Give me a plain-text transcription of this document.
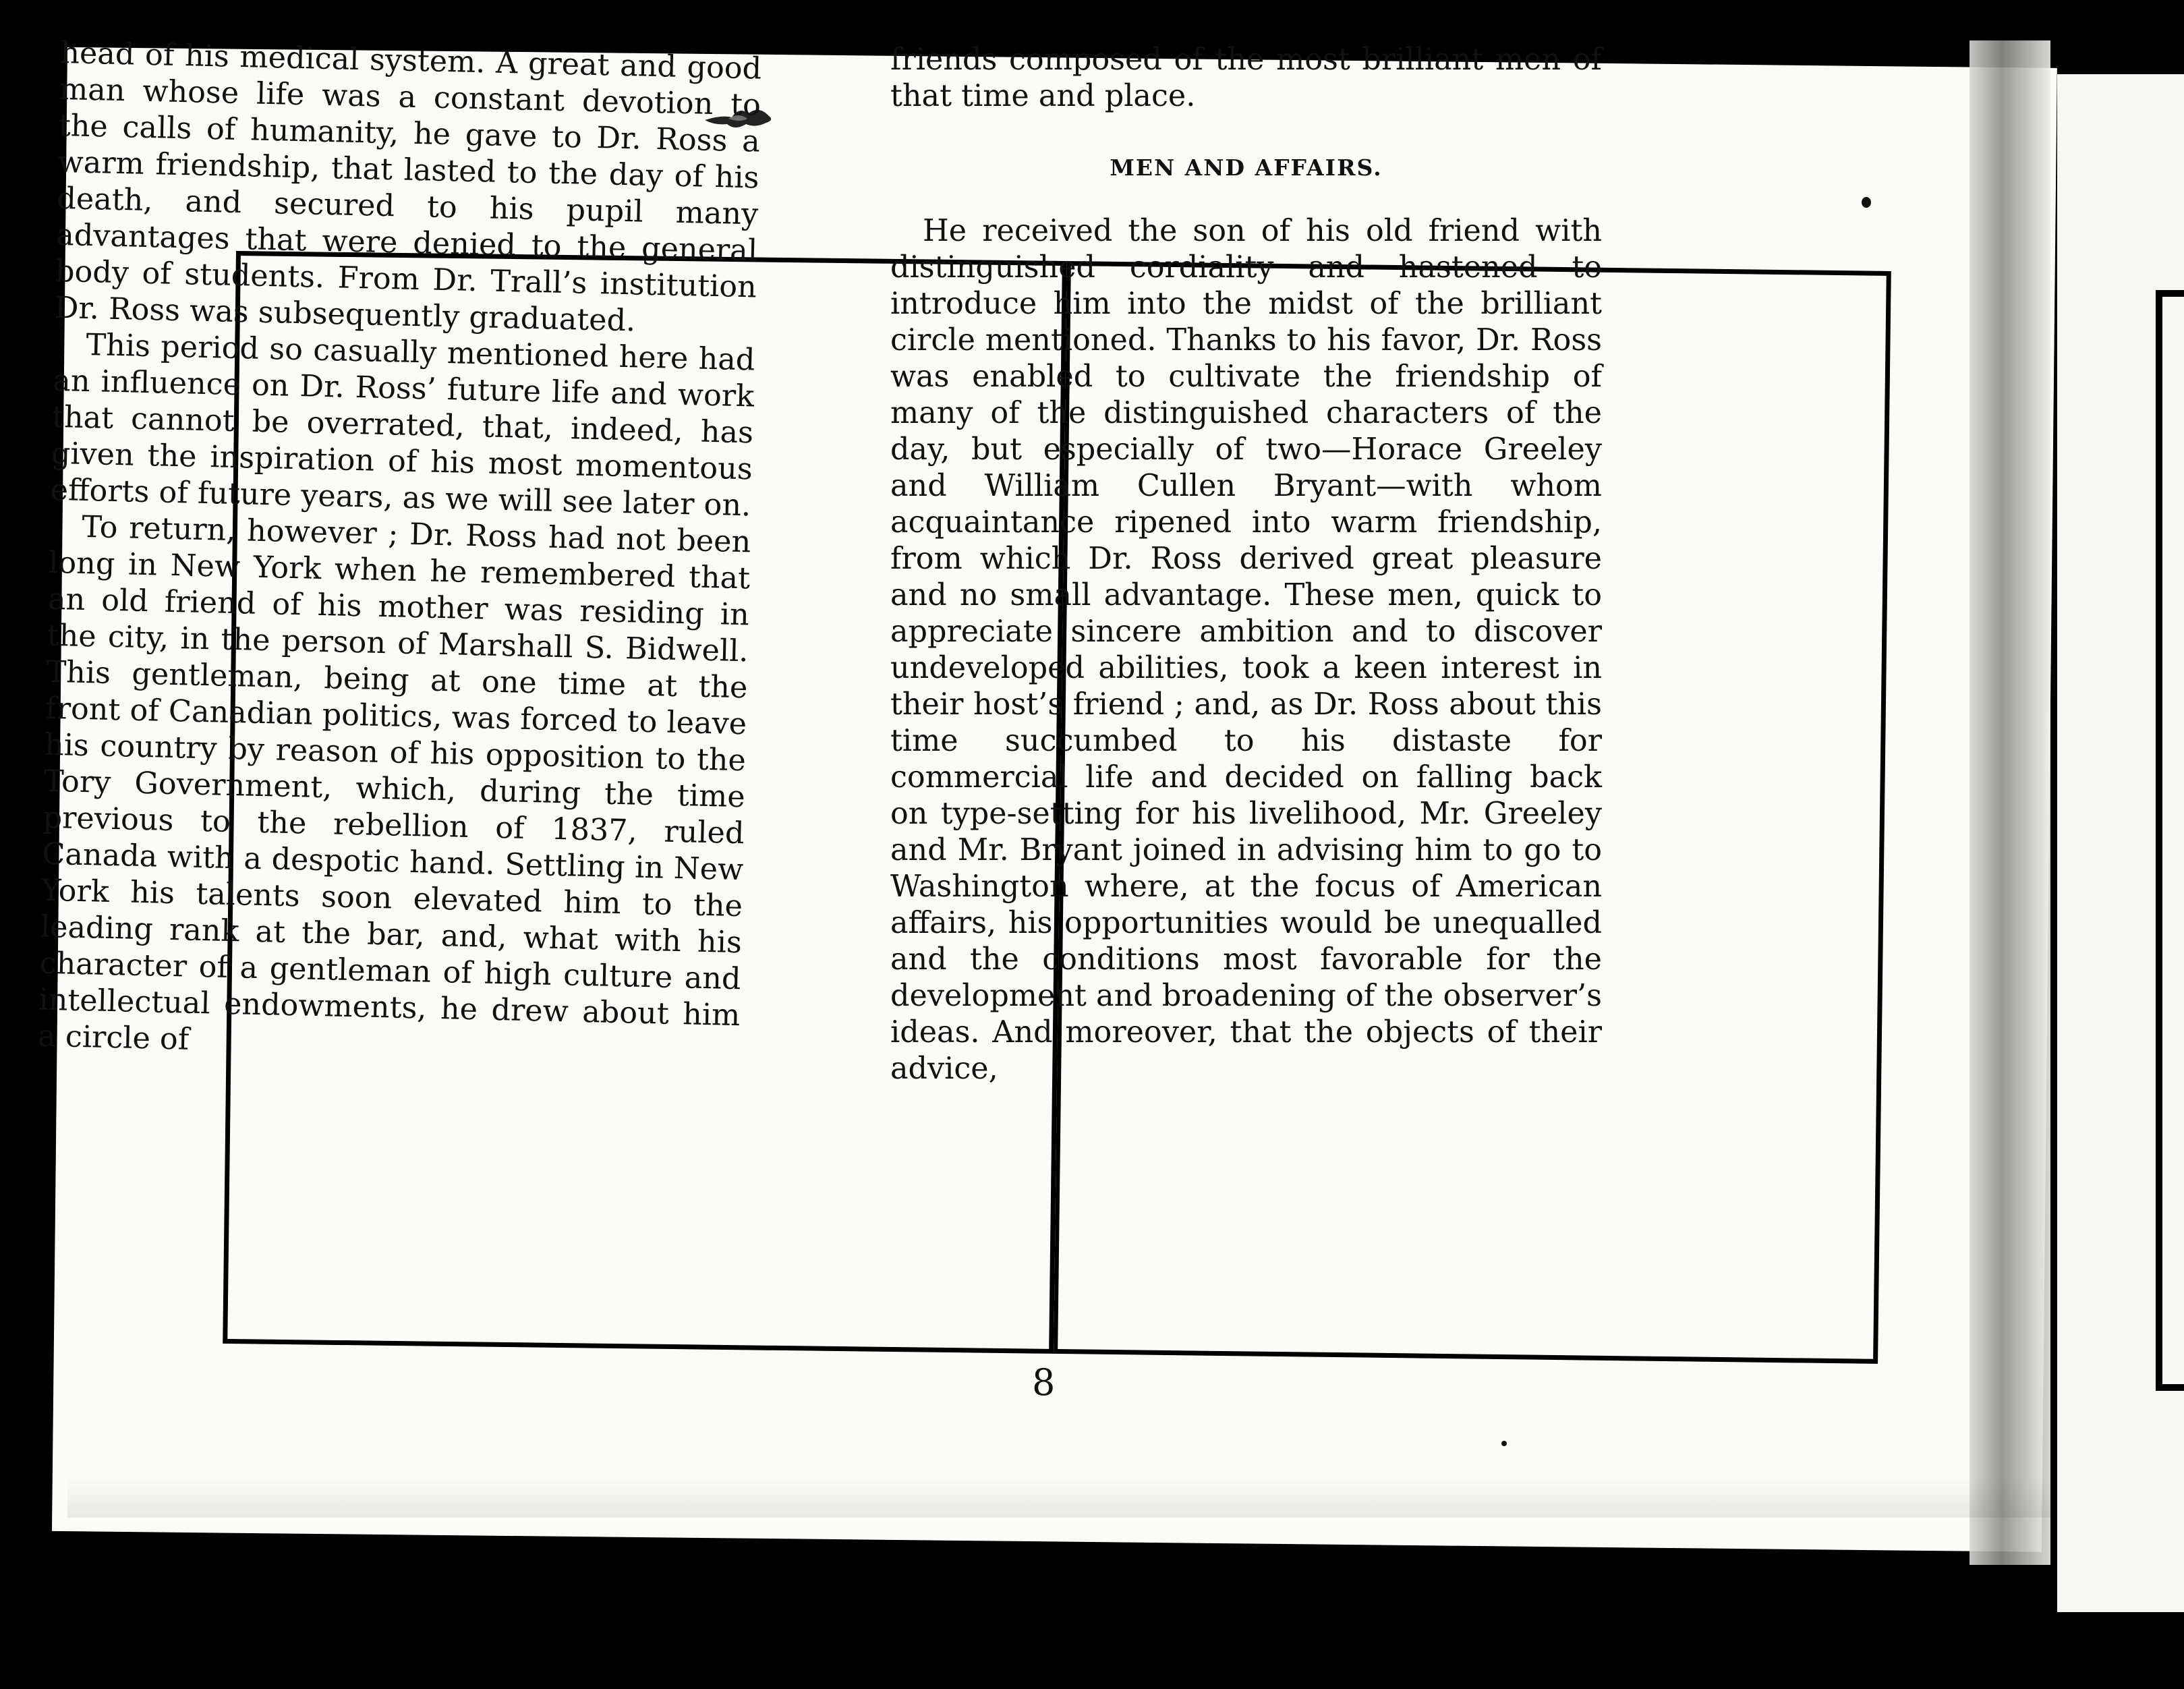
head of his medical system. A great and good man whose life was a constant devotion to the calls of humanity, he gave to Dr. Ross a warm friendship, that lasted to the day of his death, and secured to his pupil many advantages that were denied to the general body of students. From Dr. Trall’s institution Dr. Ross was subsequently graduated.

This period so casually mentioned here had an influence on Dr. Ross’ future life and work that cannot be overrated, that, indeed, has given the inspiration of his most momentous efforts of future years, as we will see later on.

To return, however ; Dr. Ross had not been long in New York when he remembered that an old friend of his mother was residing in the city, in the person of Marshall S. Bidwell. This gentleman, being at one time at the front of Canadian politics, was forced to leave his country by reason of his opposition to the Tory Government, which, during the time previous to the rebellion of 1837, ruled Canada with a despotic hand. Settling in New York his talents soon elevated him to the leading rank at the bar, and, what with his character of a gentleman of high culture and intellectual endowments, he drew about him a circle of

friends composed of the most brilliant men of that time and place.

MEN AND AFFAIRS.

He received the son of his old friend with distinguished cordiality and hastened to introduce him into the midst of the brilliant circle mentioned. Thanks to his favor, Dr. Ross was enabled to cultivate the friendship of many of the distinguished characters of the day, but especially of two—Horace Greeley and William Cullen Bryant—with whom acquaintance ripened into warm friendship, from which Dr. Ross derived great pleasure and no small advantage. These men, quick to appreciate sincere ambition and to discover undeveloped abilities, took a keen interest in their host’s friend ; and, as Dr. Ross about this time succumbed to his distaste for commercial life and decided on falling back on type-setting for his livelihood, Mr. Greeley and Mr. Bryant joined in advising him to go to Washington where, at the focus of American affairs, his opportunities would be unequalled and the conditions most favorable for the development and broadening of the observer’s ideas. And moreover, that the objects of their advice,

8
